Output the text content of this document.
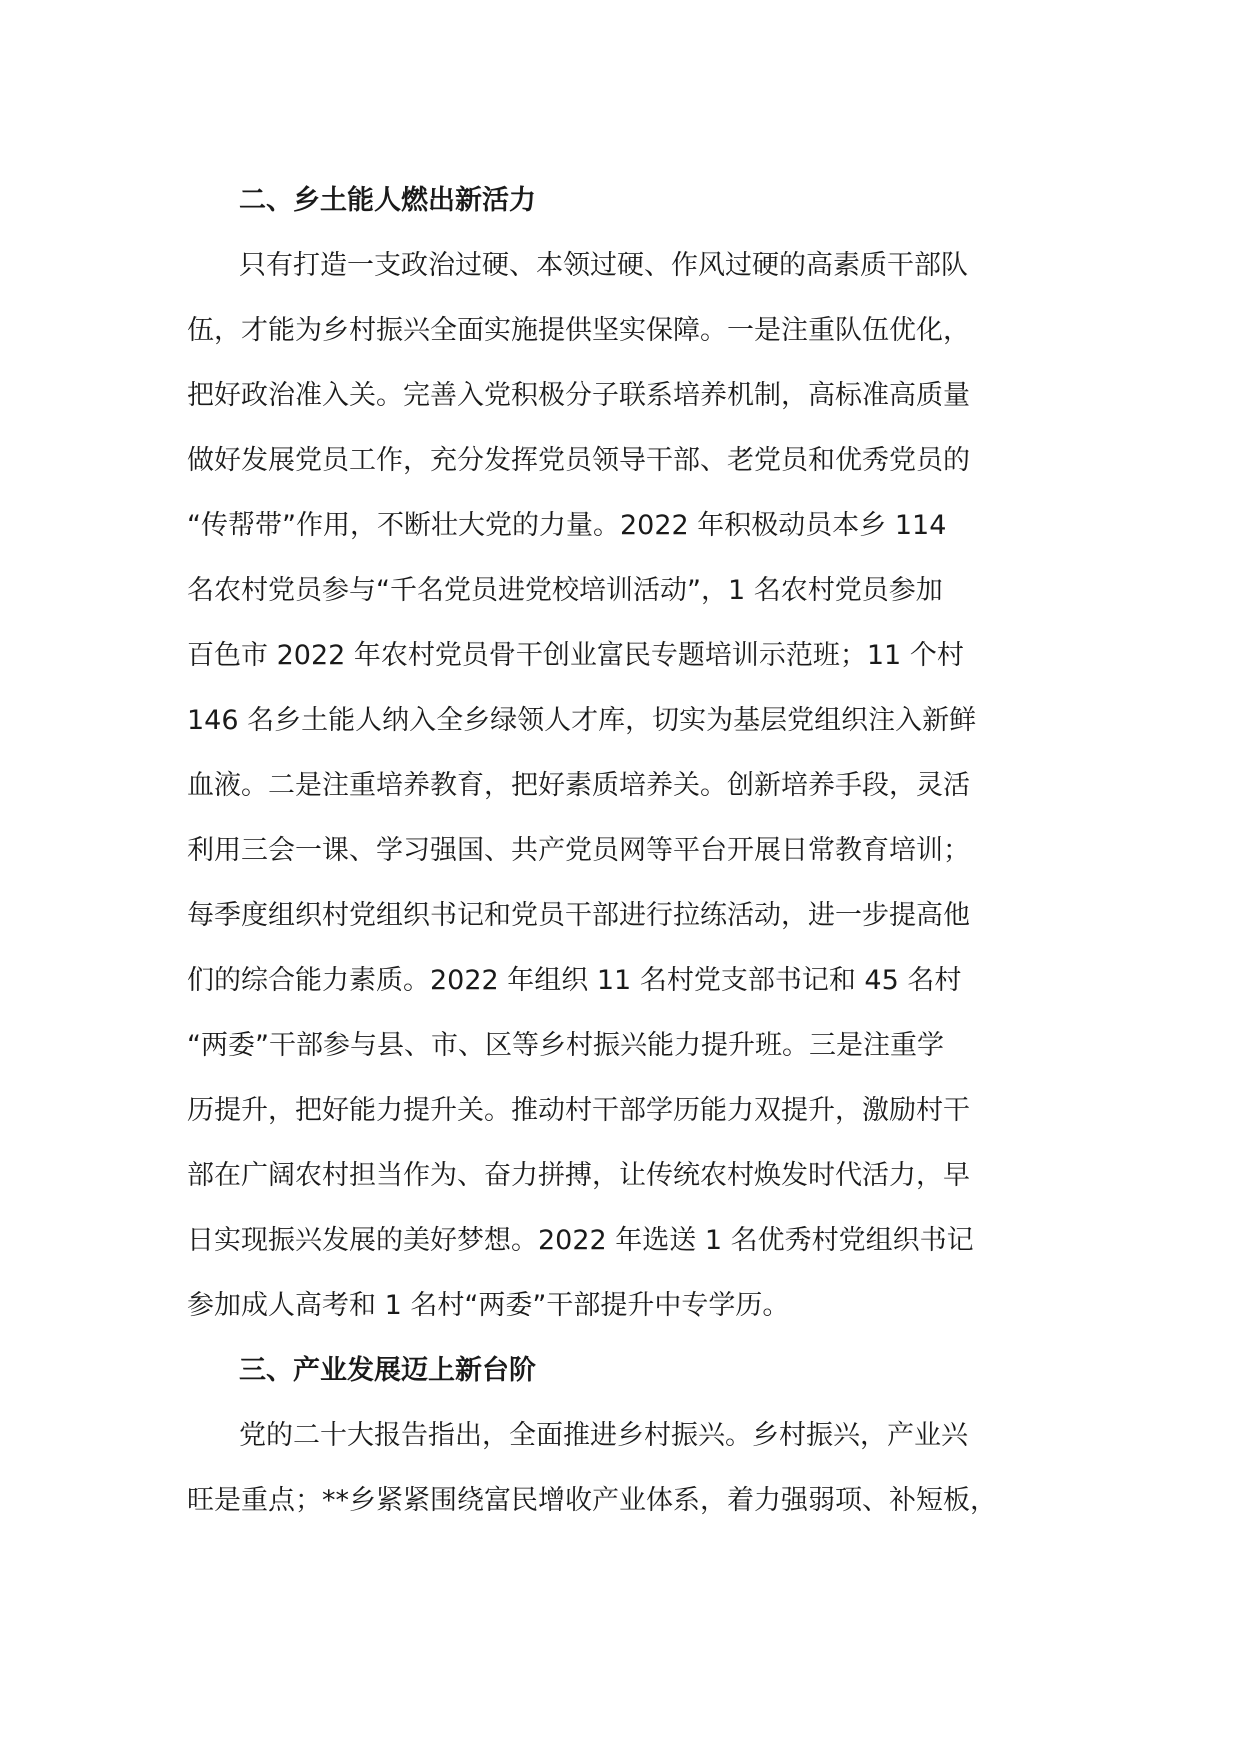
二、乡土能人燃出新活力

只有打造一支政治过硬、本领过硬、作风过硬的高素质干部队

伍，才能为乡村振兴全面实施提供坚实保障。一是注重队伍优化，

把好政治准入关。完善入党积极分子联系培养机制，高标准高质量

做好发展党员工作，充分发挥党员领导干部、老党员和优秀党员的

“传帮带”作用，不断壮大党的力量。2022 年积极动员本乡 114

名农村党员参与“千名党员进党校培训活动”，1 名农村党员参加

百色市 2022 年农村党员骨干创业富民专题培训示范班；11 个村

146 名乡土能人纳入全乡绿领人才库，切实为基层党组织注入新鲜

血液。二是注重培养教育，把好素质培养关。创新培养手段，灵活

利用三会一课、学习强国、共产党员网等平台开展日常教育培训；

每季度组织村党组织书记和党员干部进行拉练活动，进一步提高他

们的综合能力素质。2022 年组织 11 名村党支部书记和 45 名村

“两委”干部参与县、市、区等乡村振兴能力提升班。三是注重学

历提升，把好能力提升关。推动村干部学历能力双提升，激励村干

部在广阔农村担当作为、奋力拼搏，让传统农村焕发时代活力，早

日实现振兴发展的美好梦想。2022 年选送 1 名优秀村党组织书记

参加成人高考和 1 名村“两委”干部提升中专学历。

三、产业发展迈上新台阶

党的二十大报告指出，全面推进乡村振兴。乡村振兴，产业兴

旺是重点；**乡紧紧围绕富民增收产业体系，着力强弱项、补短板，
